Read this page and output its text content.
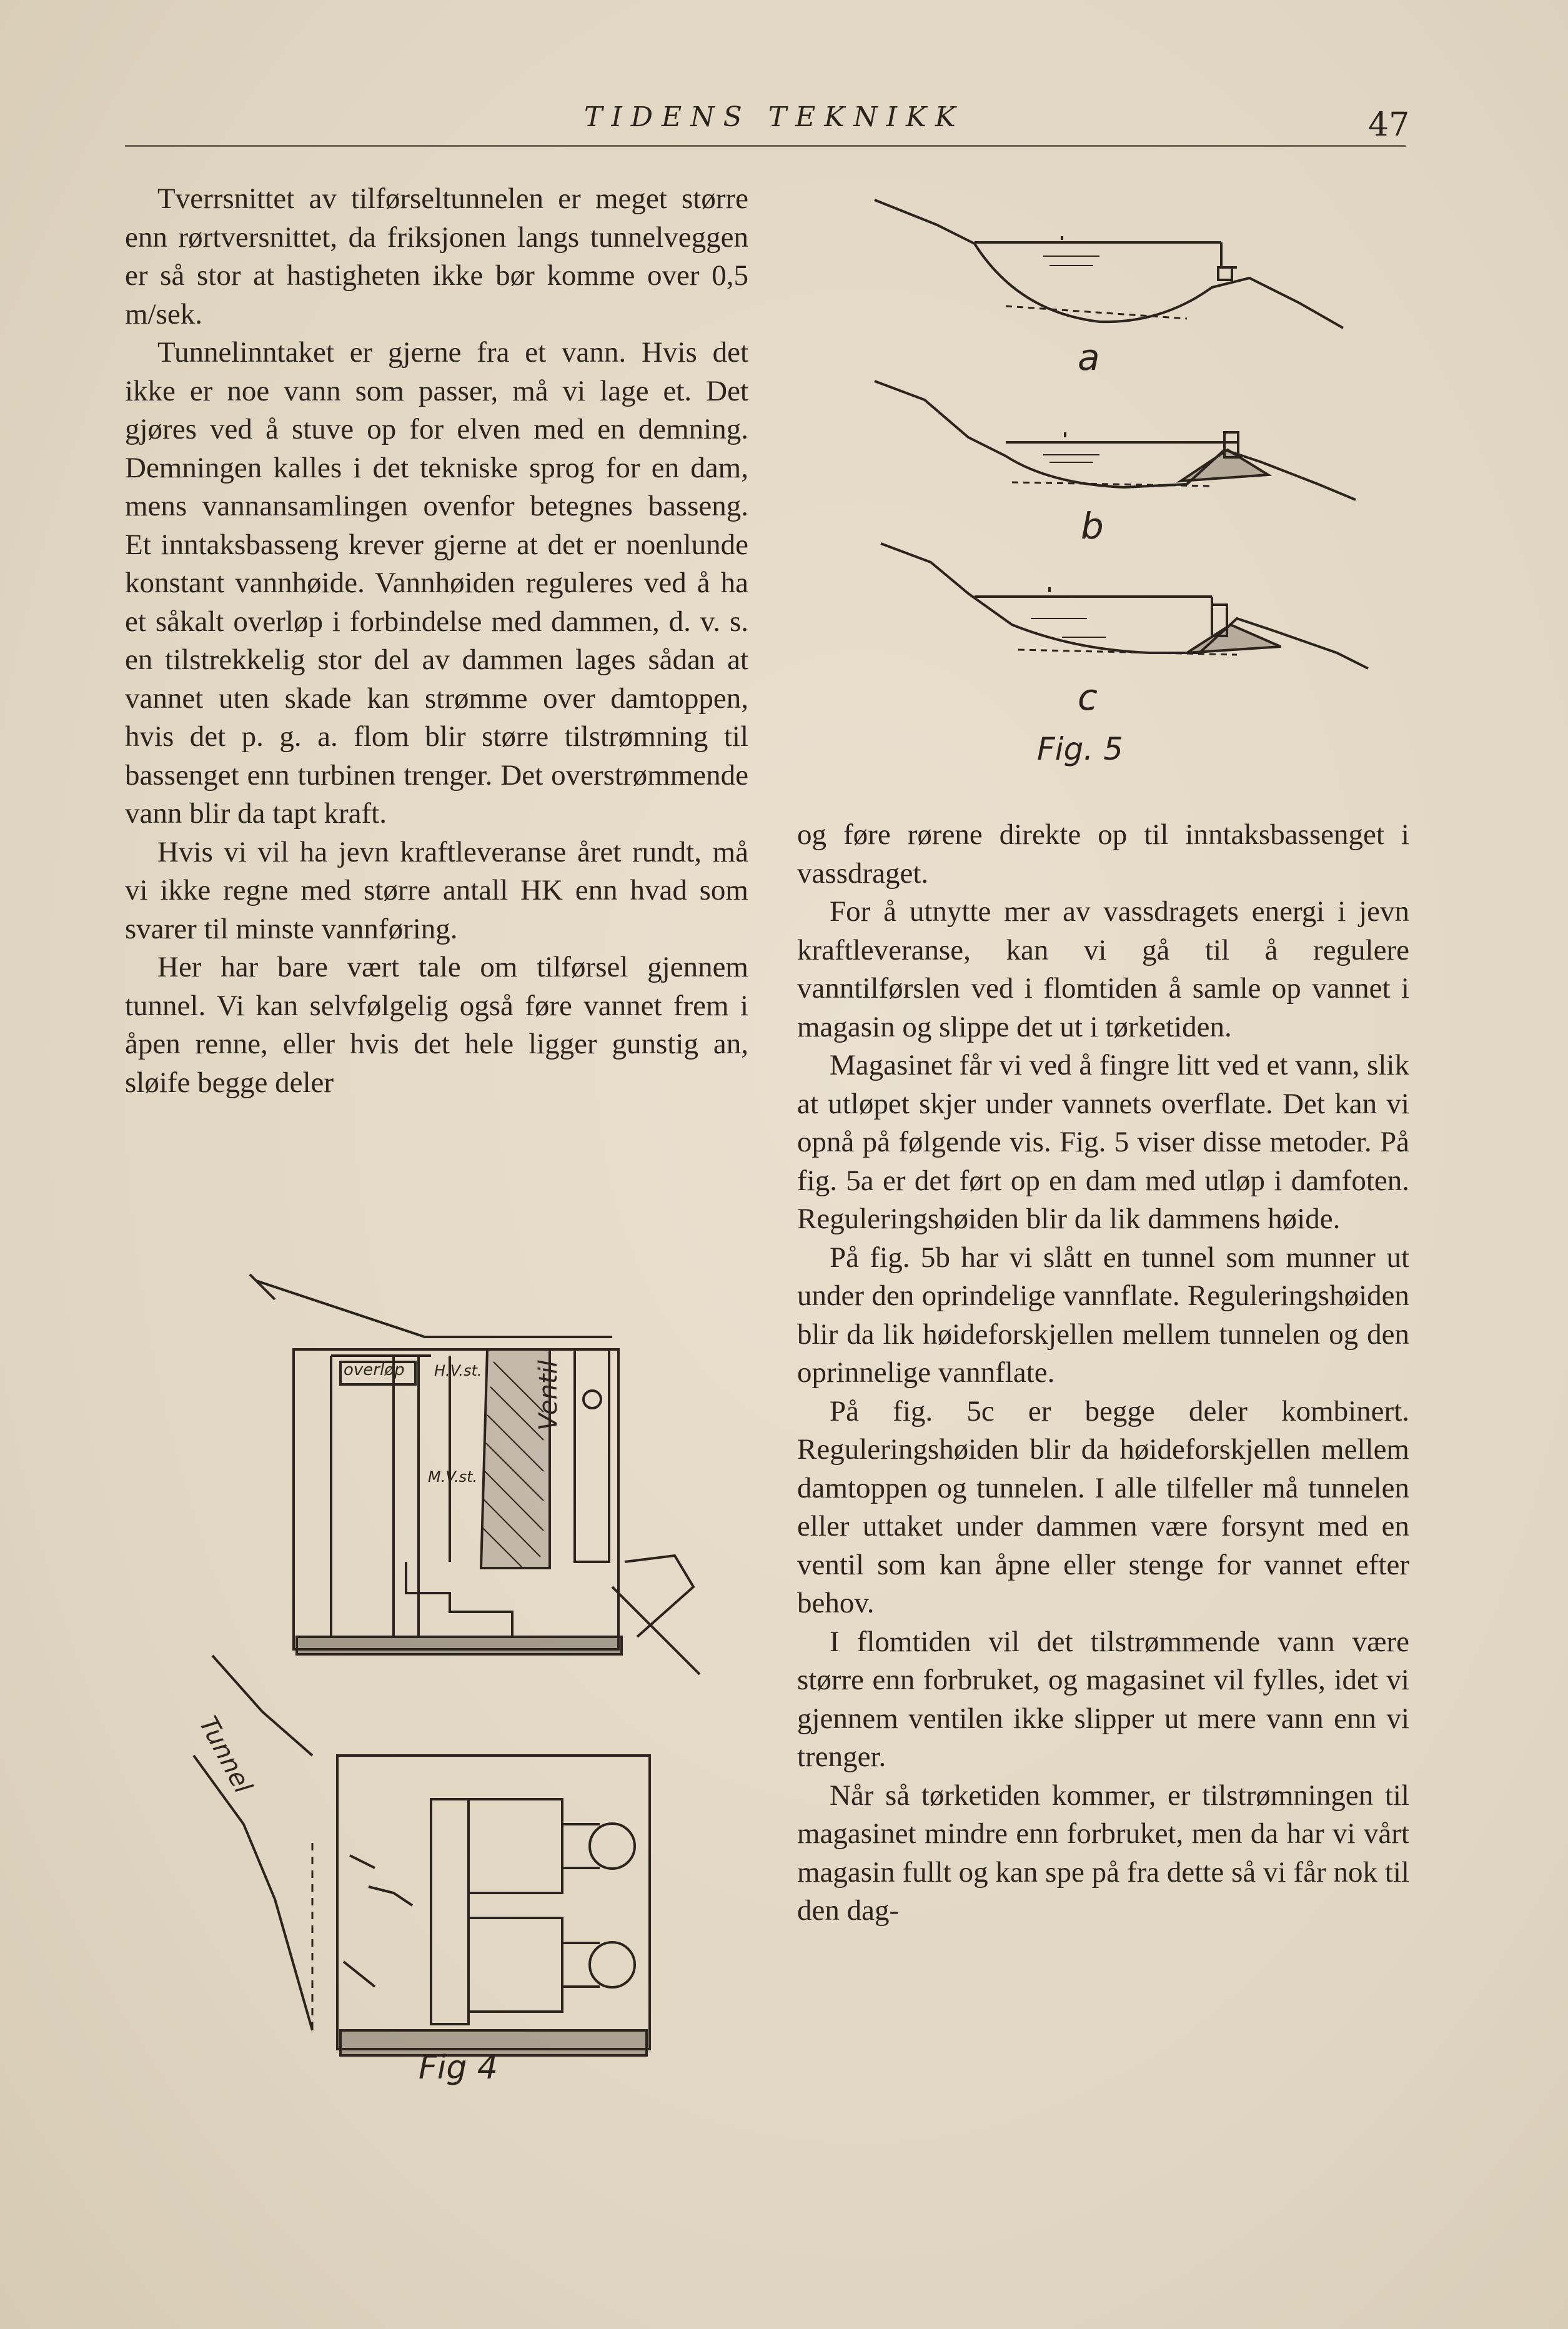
TIDENS TEKNIKK	47

Tverrsnittet av tilførseltunnelen er meget større enn rørtversnittet, da friksjonen langs tunnelveggen er så stor at hastigheten ikke bør komme over 0,5 m/sek.

Tunnelinntaket er gjerne fra et vann. Hvis det ikke er noe vann som passer, må vi lage et. Det gjøres ved å stuve op for elven med en demning. Demningen kalles i det tekniske sprog for en dam, mens vannansamlingen ovenfor betegnes basseng. Et inntaksbasseng krever gjerne at det er noenlunde konstant vannhøide. Vannhøiden reguleres ved å ha et såkalt overløp i forbindelse med dammen, d. v. s. en tilstrekkelig stor del av dammen lages sådan at vannet uten skade kan strømme over damtoppen, hvis det p. g. a. flom blir større tilstrømning til bassenget enn turbinen trenger. Det overstrømmende vann blir da tapt kraft.

Hvis vi vil ha jevn kraftleveranse året rundt, må vi ikke regne med større antall HK enn hvad som svarer til minste vannføring.

Her har bare vært tale om tilførsel gjennem tunnel. Vi kan selvfølgelig også føre vannet frem i åpen renne, eller hvis det hele ligger gunstig an, sløife begge deler

og føre rørene direkte op til inntaksbassenget i vassdraget.

For å utnytte mer av vassdragets energi i jevn kraftleveranse, kan vi gå til å regulere vanntilførslen ved i flomtiden å samle op vannet i magasin og slippe det ut i tørketiden.

Magasinet får vi ved å fingre litt ved et vann, slik at utløpet skjer under vannets overflate. Det kan vi opnå på følgende vis. Fig. 5 viser disse metoder. På fig. 5a er det ført op en dam med utløp i damfoten. Reguleringshøiden blir da lik dammens høide.

På fig. 5b har vi slått en tunnel som munner ut under den oprindelige vannflate. Reguleringshøiden blir da lik høideforskjellen mellem tunnelen og den oprinnelige vannflate.

På fig. 5c er begge deler kombinert. Reguleringshøiden blir da høideforskjellen mellem damtoppen og tunnelen. I alle tilfeller må tunnelen eller uttaket under dammen være forsynt med en ventil som kan åpne eller stenge for vannet efter behov.

I flomtiden vil det tilstrømmende vann være større enn forbruket, og magasinet vil fylles, idet vi gjennem ventilen ikke slipper ut mere vann enn vi trenger.

Når så tørketiden kommer, er tilstrømningen til magasinet mindre enn forbruket, men da har vi vårt magasin fullt og kan spe på fra dette så vi får nok til den dag-

a
b
c
Fig. 5
overløp H.V.st.
M.V.st.
Ventil
Tunnel
Fig 4
